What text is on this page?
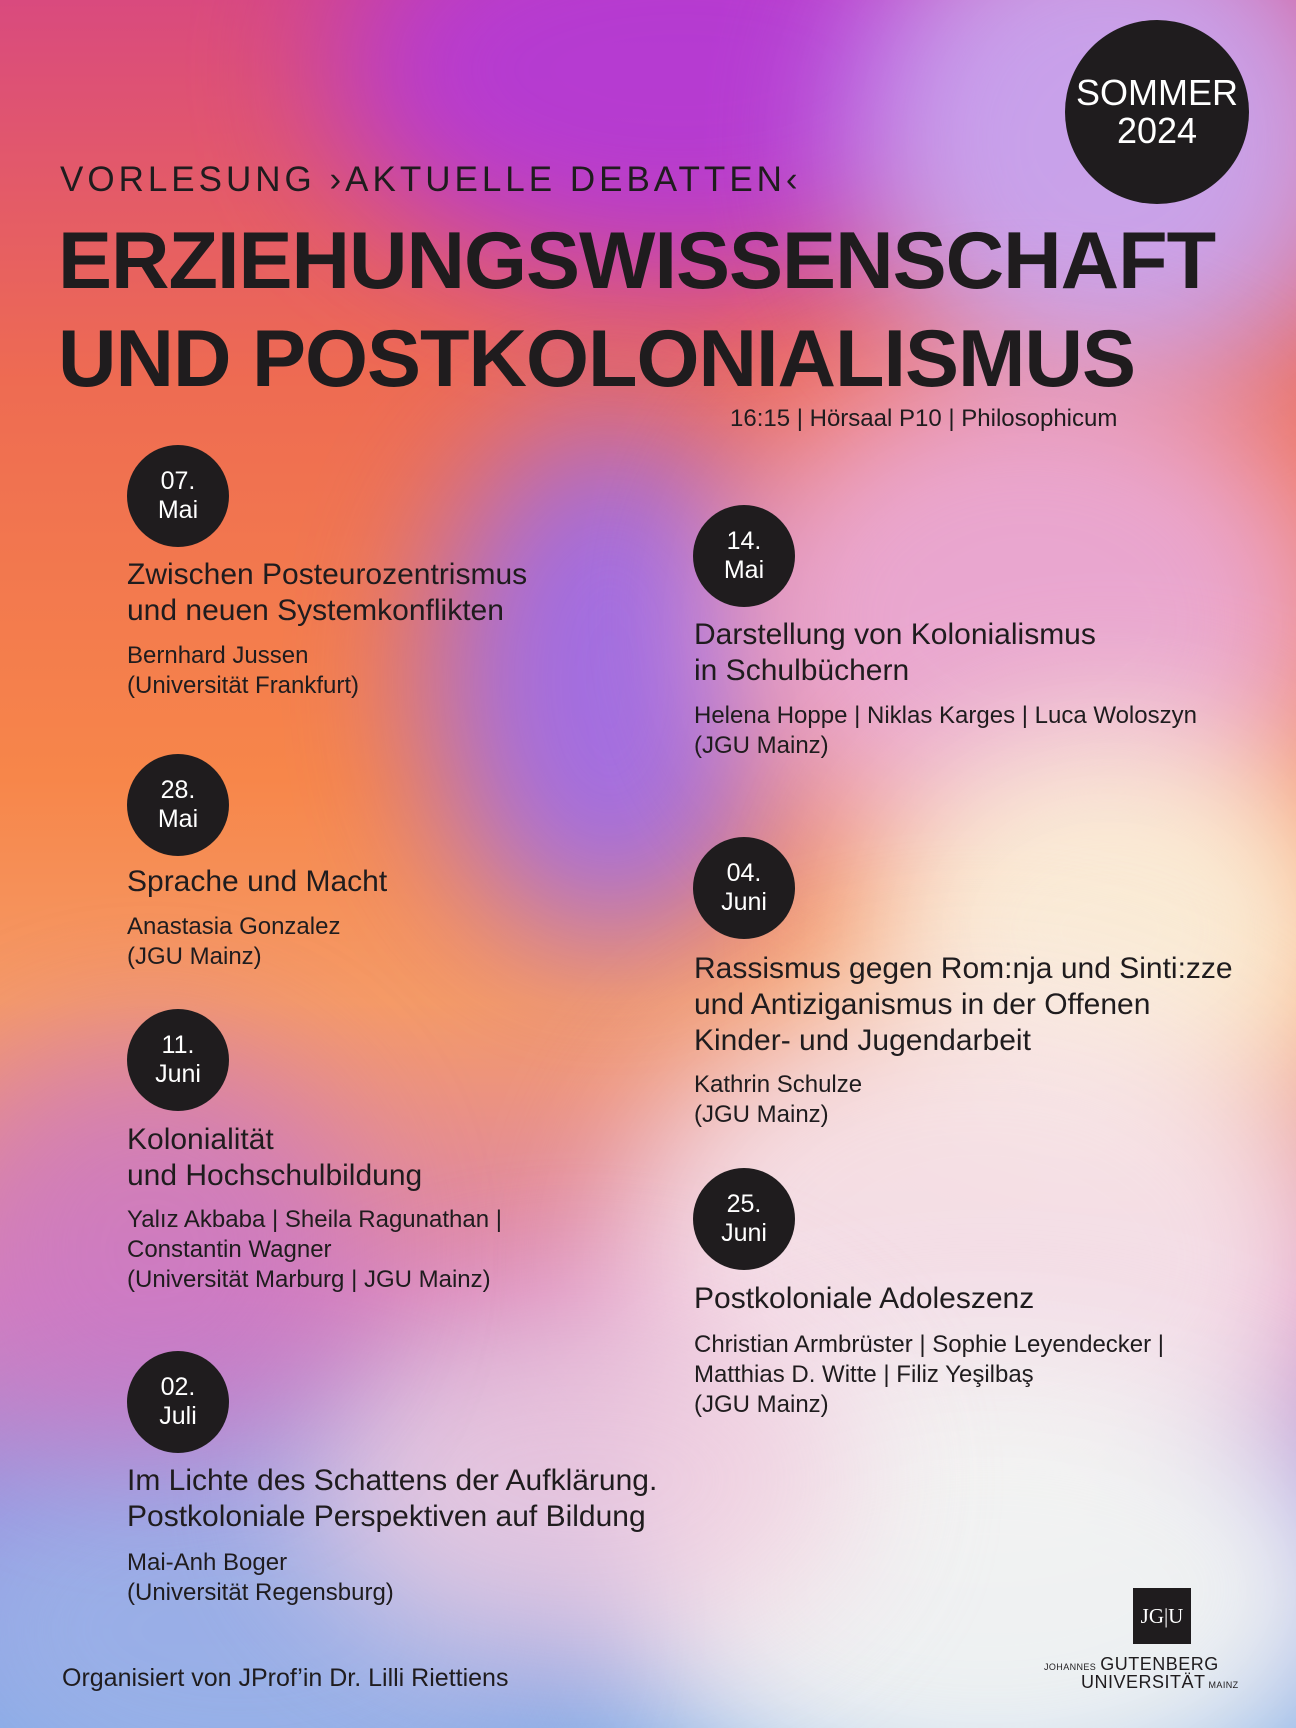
SOMMER
2024
VORLESUNG ›AKTUELLE DEBATTEN‹
ERZIEHUNGSWISSENSCHAFT
UND POSTKOLONIALISMUS
16:15 | Hörsaal P10 | Philosophicum
07.
Mai
Zwischen Posteurozentrismus
und neuen Systemkonflikten
Bernhard Jussen
(Universität Frankfurt)
14.
Mai
Darstellung von Kolonialismus
in Schulbüchern
Helena Hoppe | Niklas Karges | Luca Woloszyn
(JGU Mainz)
28.
Mai
Sprache und Macht
Anastasia Gonzalez
(JGU Mainz)
04.
Juni
Rassismus gegen Rom:nja und Sinti:zze
und Antiziganismus in der Offenen
Kinder- und Jugendarbeit
Kathrin Schulze
(JGU Mainz)
11.
Juni
Kolonialität
und Hochschulbildung
Yalız Akbaba | Sheila Ragunathan |
Constantin Wagner
(Universität Marburg | JGU Mainz)
25.
Juni
Postkoloniale Adoleszenz
Christian Armbrüster | Sophie Leyendecker |
Matthias D. Witte | Filiz Yeşilbaş
(JGU Mainz)
02.
Juli
Im Lichte des Schattens der Aufklärung.
Postkoloniale Perspektiven auf Bildung
Mai-Anh Boger
(Universität Regensburg)
Organisiert von JProf’in Dr. Lilli Riettiens
JG|U
JOHANNES GUTENBERG
UNIVERSITÄT MAINZ
